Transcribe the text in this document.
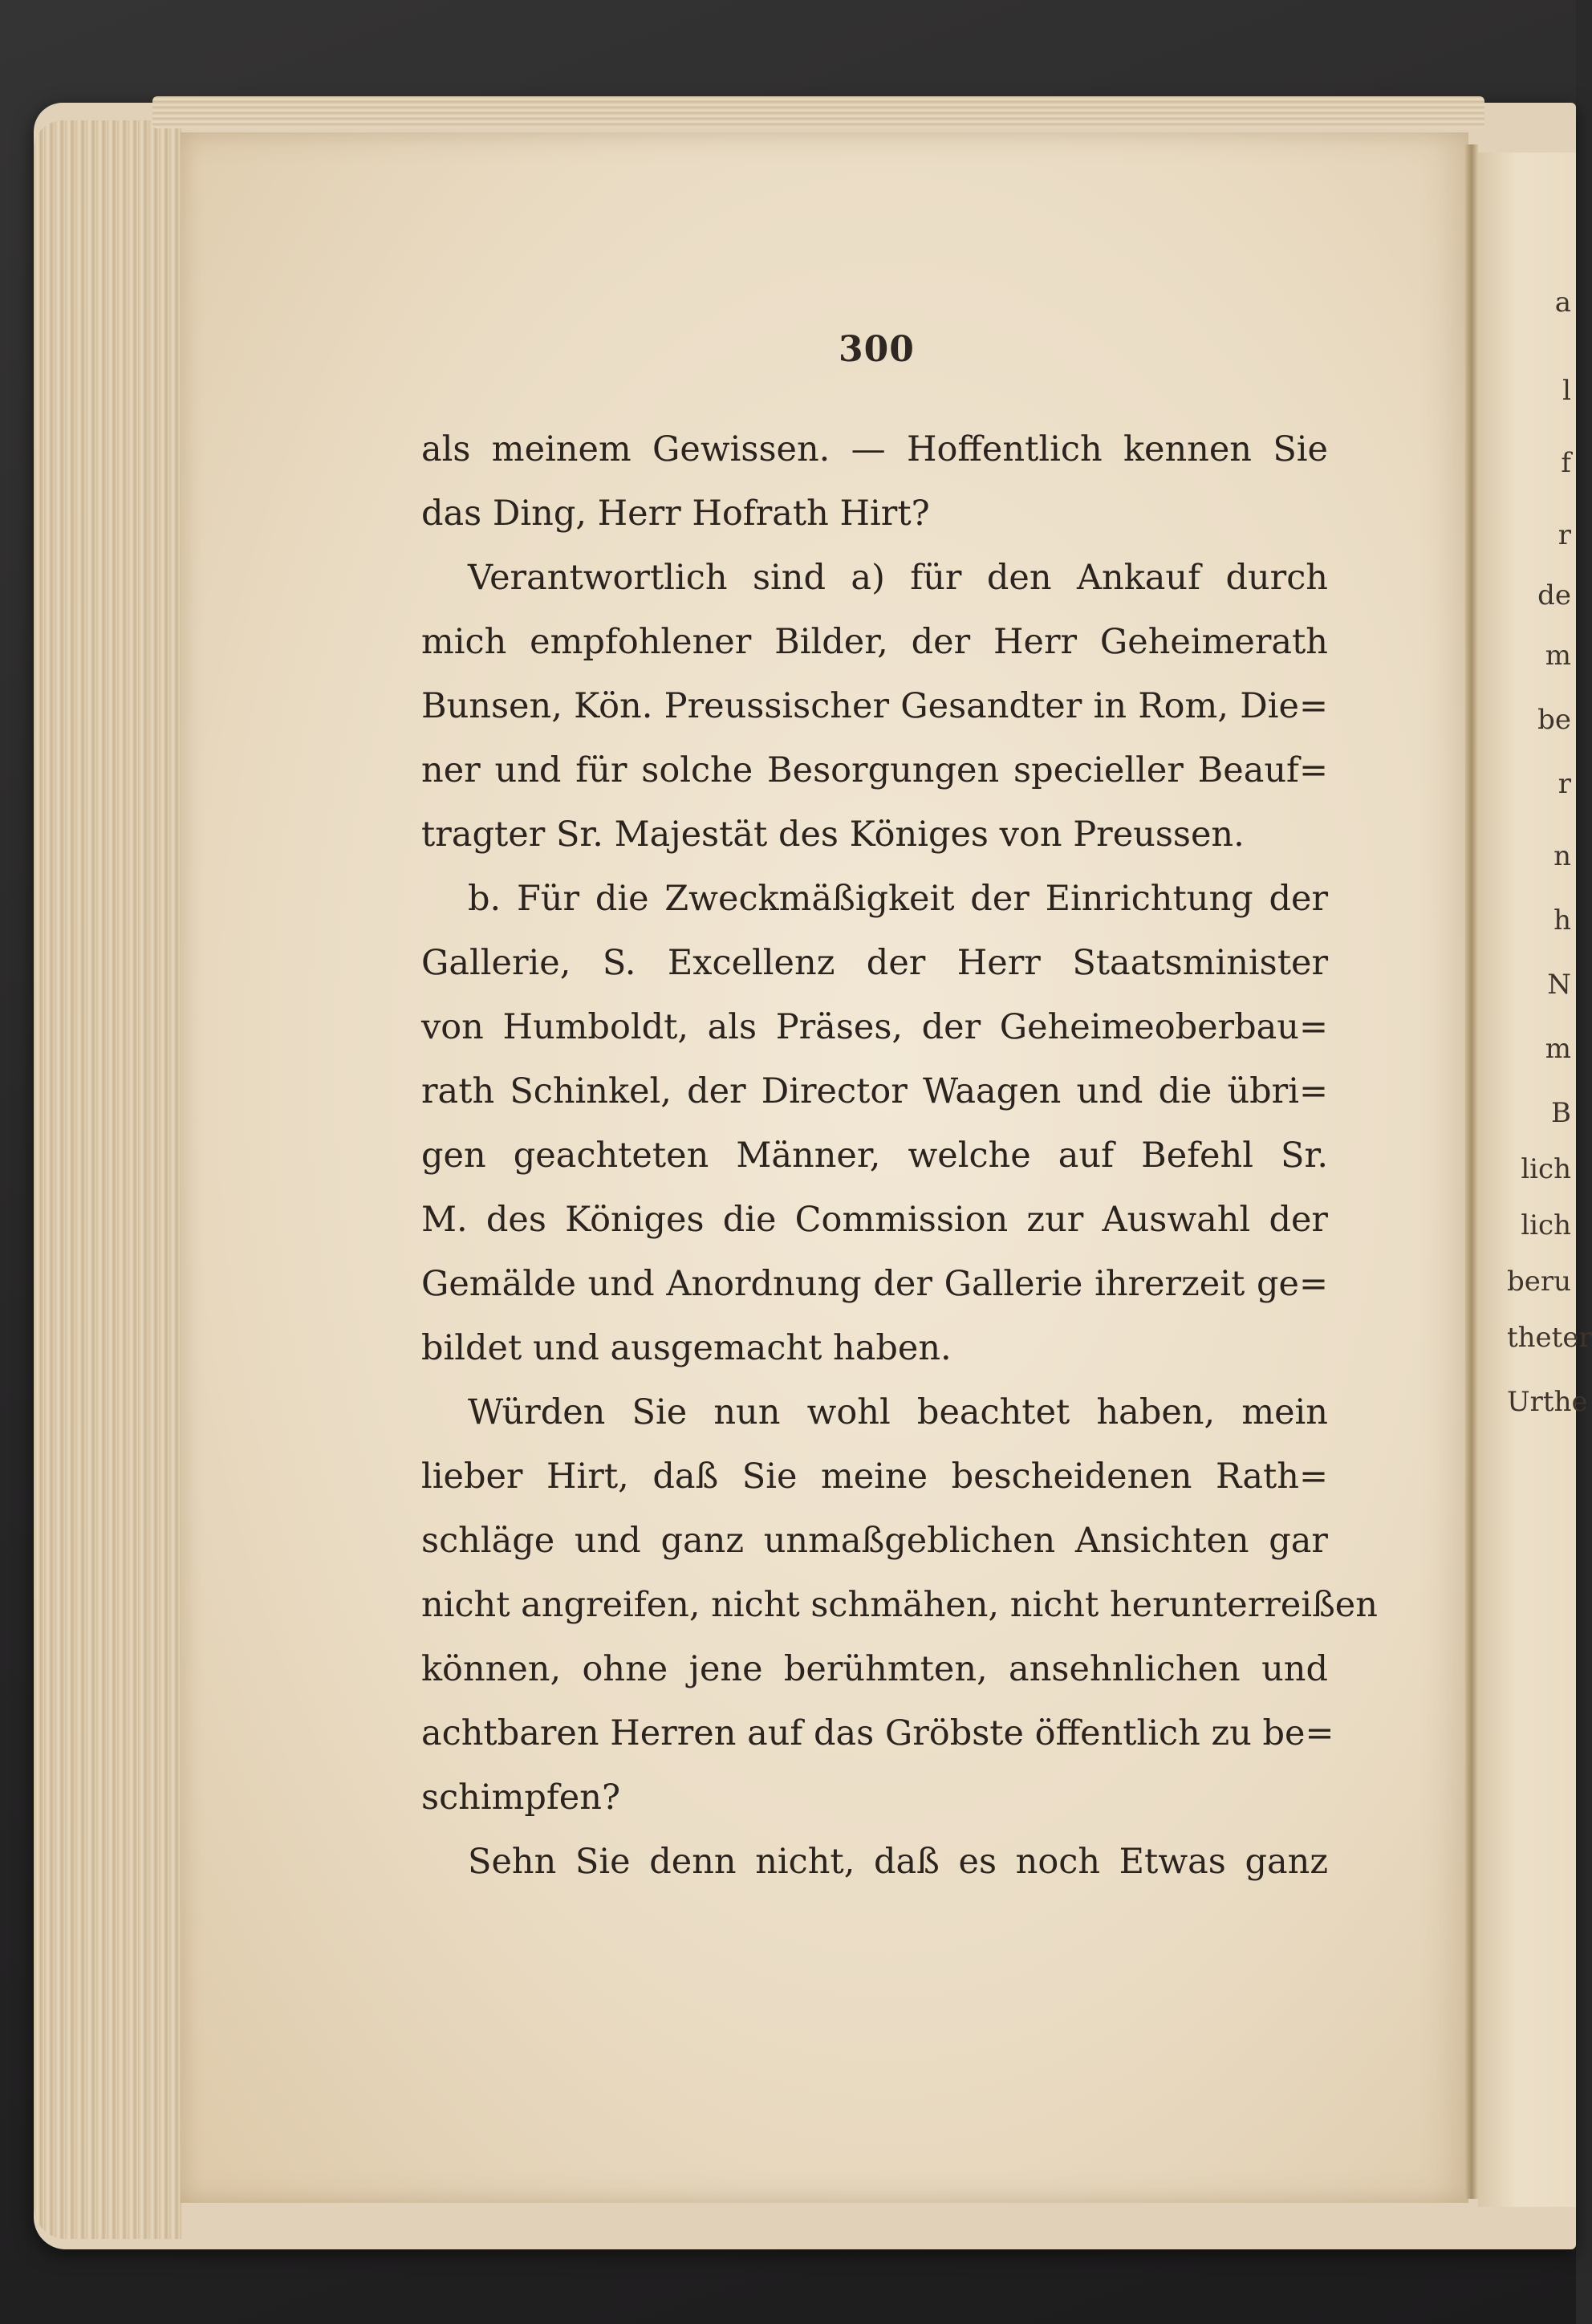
a
l
f
r
de
m
be
r
n
h
N
m
B
lich
lich
beru
theter
Urthe
300
als meinem Gewissen. — Hoffentlich kennen Sie
das Ding, Herr Hofrath Hirt?
Verantwortlich sind a) für den Ankauf durch
mich empfohlener Bilder, der Herr Geheimerath
Bunsen, Kön. Preussischer Gesandter in Rom, Die=
ner und für solche Besorgungen specieller Beauf=
tragter Sr. Majestät des Königes von Preussen.
b. Für die Zweckmäßigkeit der Einrichtung der
Gallerie, S. Excellenz der Herr Staatsminister
von Humboldt, als Präses, der Geheimeoberbau=
rath Schinkel, der Director Waagen und die übri=
gen geachteten Männer, welche auf Befehl Sr.
M. des Königes die Commission zur Auswahl der
Gemälde und Anordnung der Gallerie ihrerzeit ge=
bildet und ausgemacht haben.
Würden Sie nun wohl beachtet haben, mein
lieber Hirt, daß Sie meine bescheidenen Rath=
schläge und ganz unmaßgeblichen Ansichten gar
nicht angreifen, nicht schmähen, nicht herunterreißen
können, ohne jene berühmten, ansehnlichen und
achtbaren Herren auf das Gröbste öffentlich zu be=
schimpfen?
Sehn Sie denn nicht, daß es noch Etwas ganz
